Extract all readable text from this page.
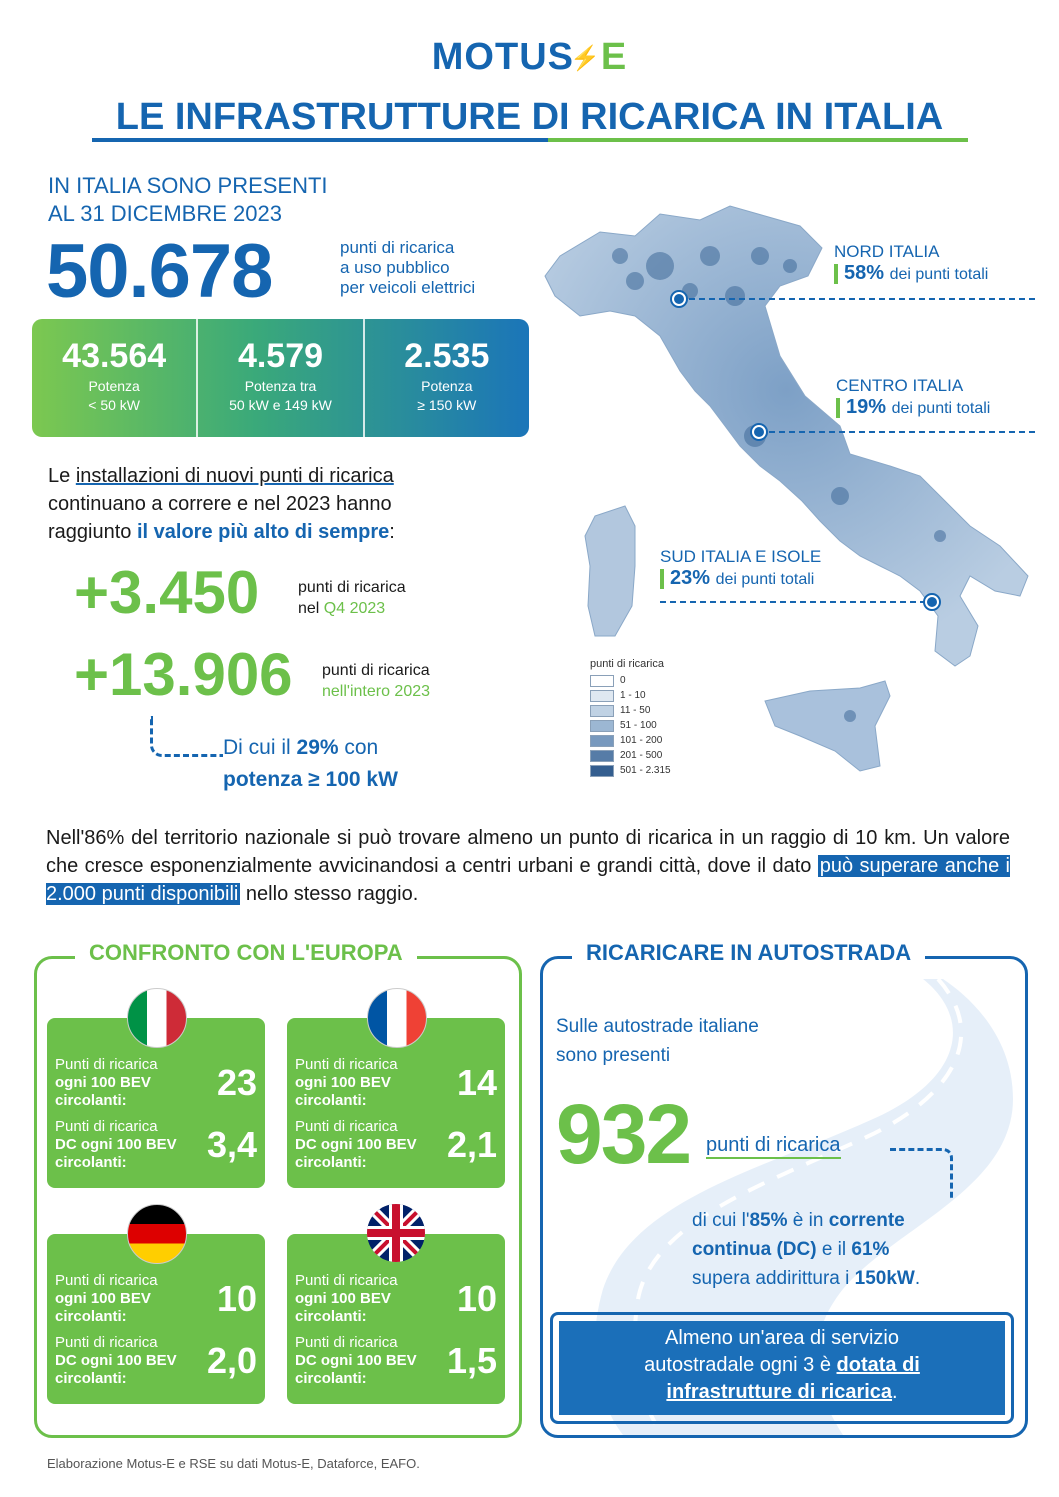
MOTUS⚡E
LE INFRASTRUTTURE DI RICARICA IN ITALIA
IN ITALIA SONO PRESENTI
AL 31 DICEMBRE 2023
50.678	punti di ricarica
a uso pubblico
per veicoli elettrici
43.564
Potenza
< 50 kW
4.579
Potenza tra
50 kW e 149 kW
2.535
Potenza
≥ 150 kW
Le installazioni di nuovi punti di ricarica
continuano a correre e nel 2023 hanno
raggiunto il valore più alto di sempre:
+3.450 punti di ricarica
nel Q4 2023
+13.906 punti di ricarica
nell'intero 2023
Di cui il 29% con
potenza ≥ 100 kW
NORD ITALIA
58% dei punti totali
CENTRO ITALIA
19% dei punti totali
SUD ITALIA E ISOLE
23% dei punti totali
punti di ricarica
0
1 - 10
11 - 50
51 - 100
101 - 200
201 - 500
501 - 2.315
Nell'86% del territorio nazionale si può trovare almeno un punto di ricarica in un raggio di 10 km. Un valore che cresce esponenzialmente avvicinandosi a centri urbani e grandi città, dove il dato può superare anche i 2.000 punti disponibili nello stesso raggio.
CONFRONTO CON L'EUROPA
Punti di ricarica
ogni 100 BEV
circolanti:	23
Punti di ricarica
DC ogni 100 BEV
circolanti:	3,4
Punti di ricarica
ogni 100 BEV
circolanti:	14
Punti di ricarica
DC ogni 100 BEV
circolanti:	2,1
Punti di ricarica
ogni 100 BEV
circolanti:	10
Punti di ricarica
DC ogni 100 BEV
circolanti:	2,0
Punti di ricarica
ogni 100 BEV
circolanti:	10
Punti di ricarica
DC ogni 100 BEV
circolanti:	1,5
RICARICARE IN AUTOSTRADA
Sulle autostrade italiane
sono presenti
932 punti di ricarica
di cui l'85% è in corrente
continua (DC) e il 61%
supera addirittura i 150kW.
Almeno un'area di servizio
autostradale ogni 3 è dotata di
infrastrutture di ricarica.
Elaborazione Motus-E e RSE su dati Motus-E, Dataforce, EAFO.
